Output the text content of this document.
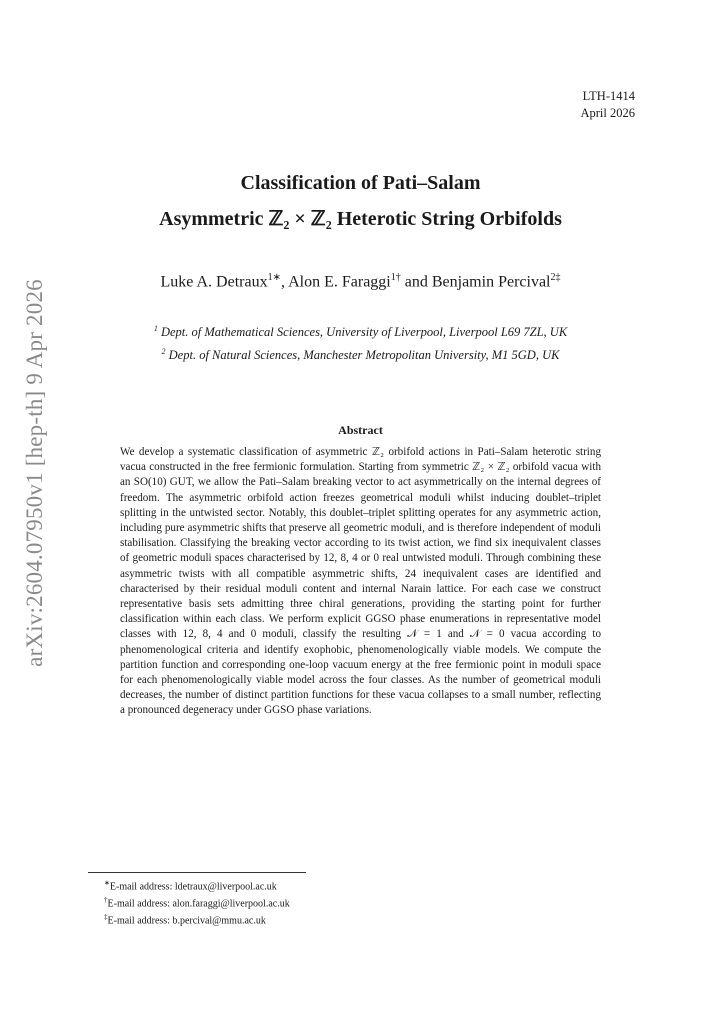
arXiv:2604.07950v1 [hep-th] 9 Apr 2026
LTH-1414
April 2026
Classification of Pati–Salam
Asymmetric ℤ₂ × ℤ₂ Heterotic String Orbifolds
Luke A. Detraux$^{1∗}$, Alon E. Faraggi$^{1\dagger}$ and Benjamin Percival$^{2\ddagger}$
$^1$ Dept. of Mathematical Sciences, University of Liverpool, Liverpool L69 7ZL, UK
$^2$ Dept. of Natural Sciences, Manchester Metropolitan University, M1 5GD, UK
Abstract
We develop a systematic classification of asymmetric ℤ₂ orbifold actions in Pati–Salam heterotic string vacua constructed in the free fermionic formulation. Starting from symmetric ℤ₂ × ℤ₂ orbifold vacua with an SO(10) GUT, we allow the Pati–Salam breaking vector to act asymmetrically on the internal degrees of freedom. The asymmetric orbifold action freezes geometrical moduli whilst inducing doublet–triplet splitting in the untwisted sector. Notably, this doublet–triplet splitting operates for any asymmetric action, including pure asymmetric shifts that preserve all geometric moduli, and is therefore independent of moduli stabilisation. Classifying the breaking vector according to its twist action, we find six inequivalent classes of geometric moduli spaces characterised by 12, 8, 4 or 0 real untwisted moduli. Through combining these asymmetric twists with all compatible asymmetric shifts, 24 inequivalent cases are identified and characterised by their residual moduli content and internal Narain lattice. For each case we construct representative basis sets admitting three chiral generations, providing the starting point for further classification within each class. We perform explicit GGSO phase enumerations in representative model classes with 12, 8, 4 and 0 moduli, classify the resulting 𝒩 = 1 and 𝒩 = 0 vacua according to phenomenological criteria and identify exophobic, phenomenologically viable models. We compute the partition function and corresponding one-loop vacuum energy at the free fermionic point in moduli space for each phenomenologically viable model across the four classes. As the number of geometrical moduli decreases, the number of distinct partition functions for these vacua collapses to a small number, reflecting a pronounced degeneracy under GGSO phase variations.
∗E-mail address: ldetraux@liverpool.ac.uk
†E-mail address: alon.faraggi@liverpool.ac.uk
‡E-mail address: b.percival@mmu.ac.uk
